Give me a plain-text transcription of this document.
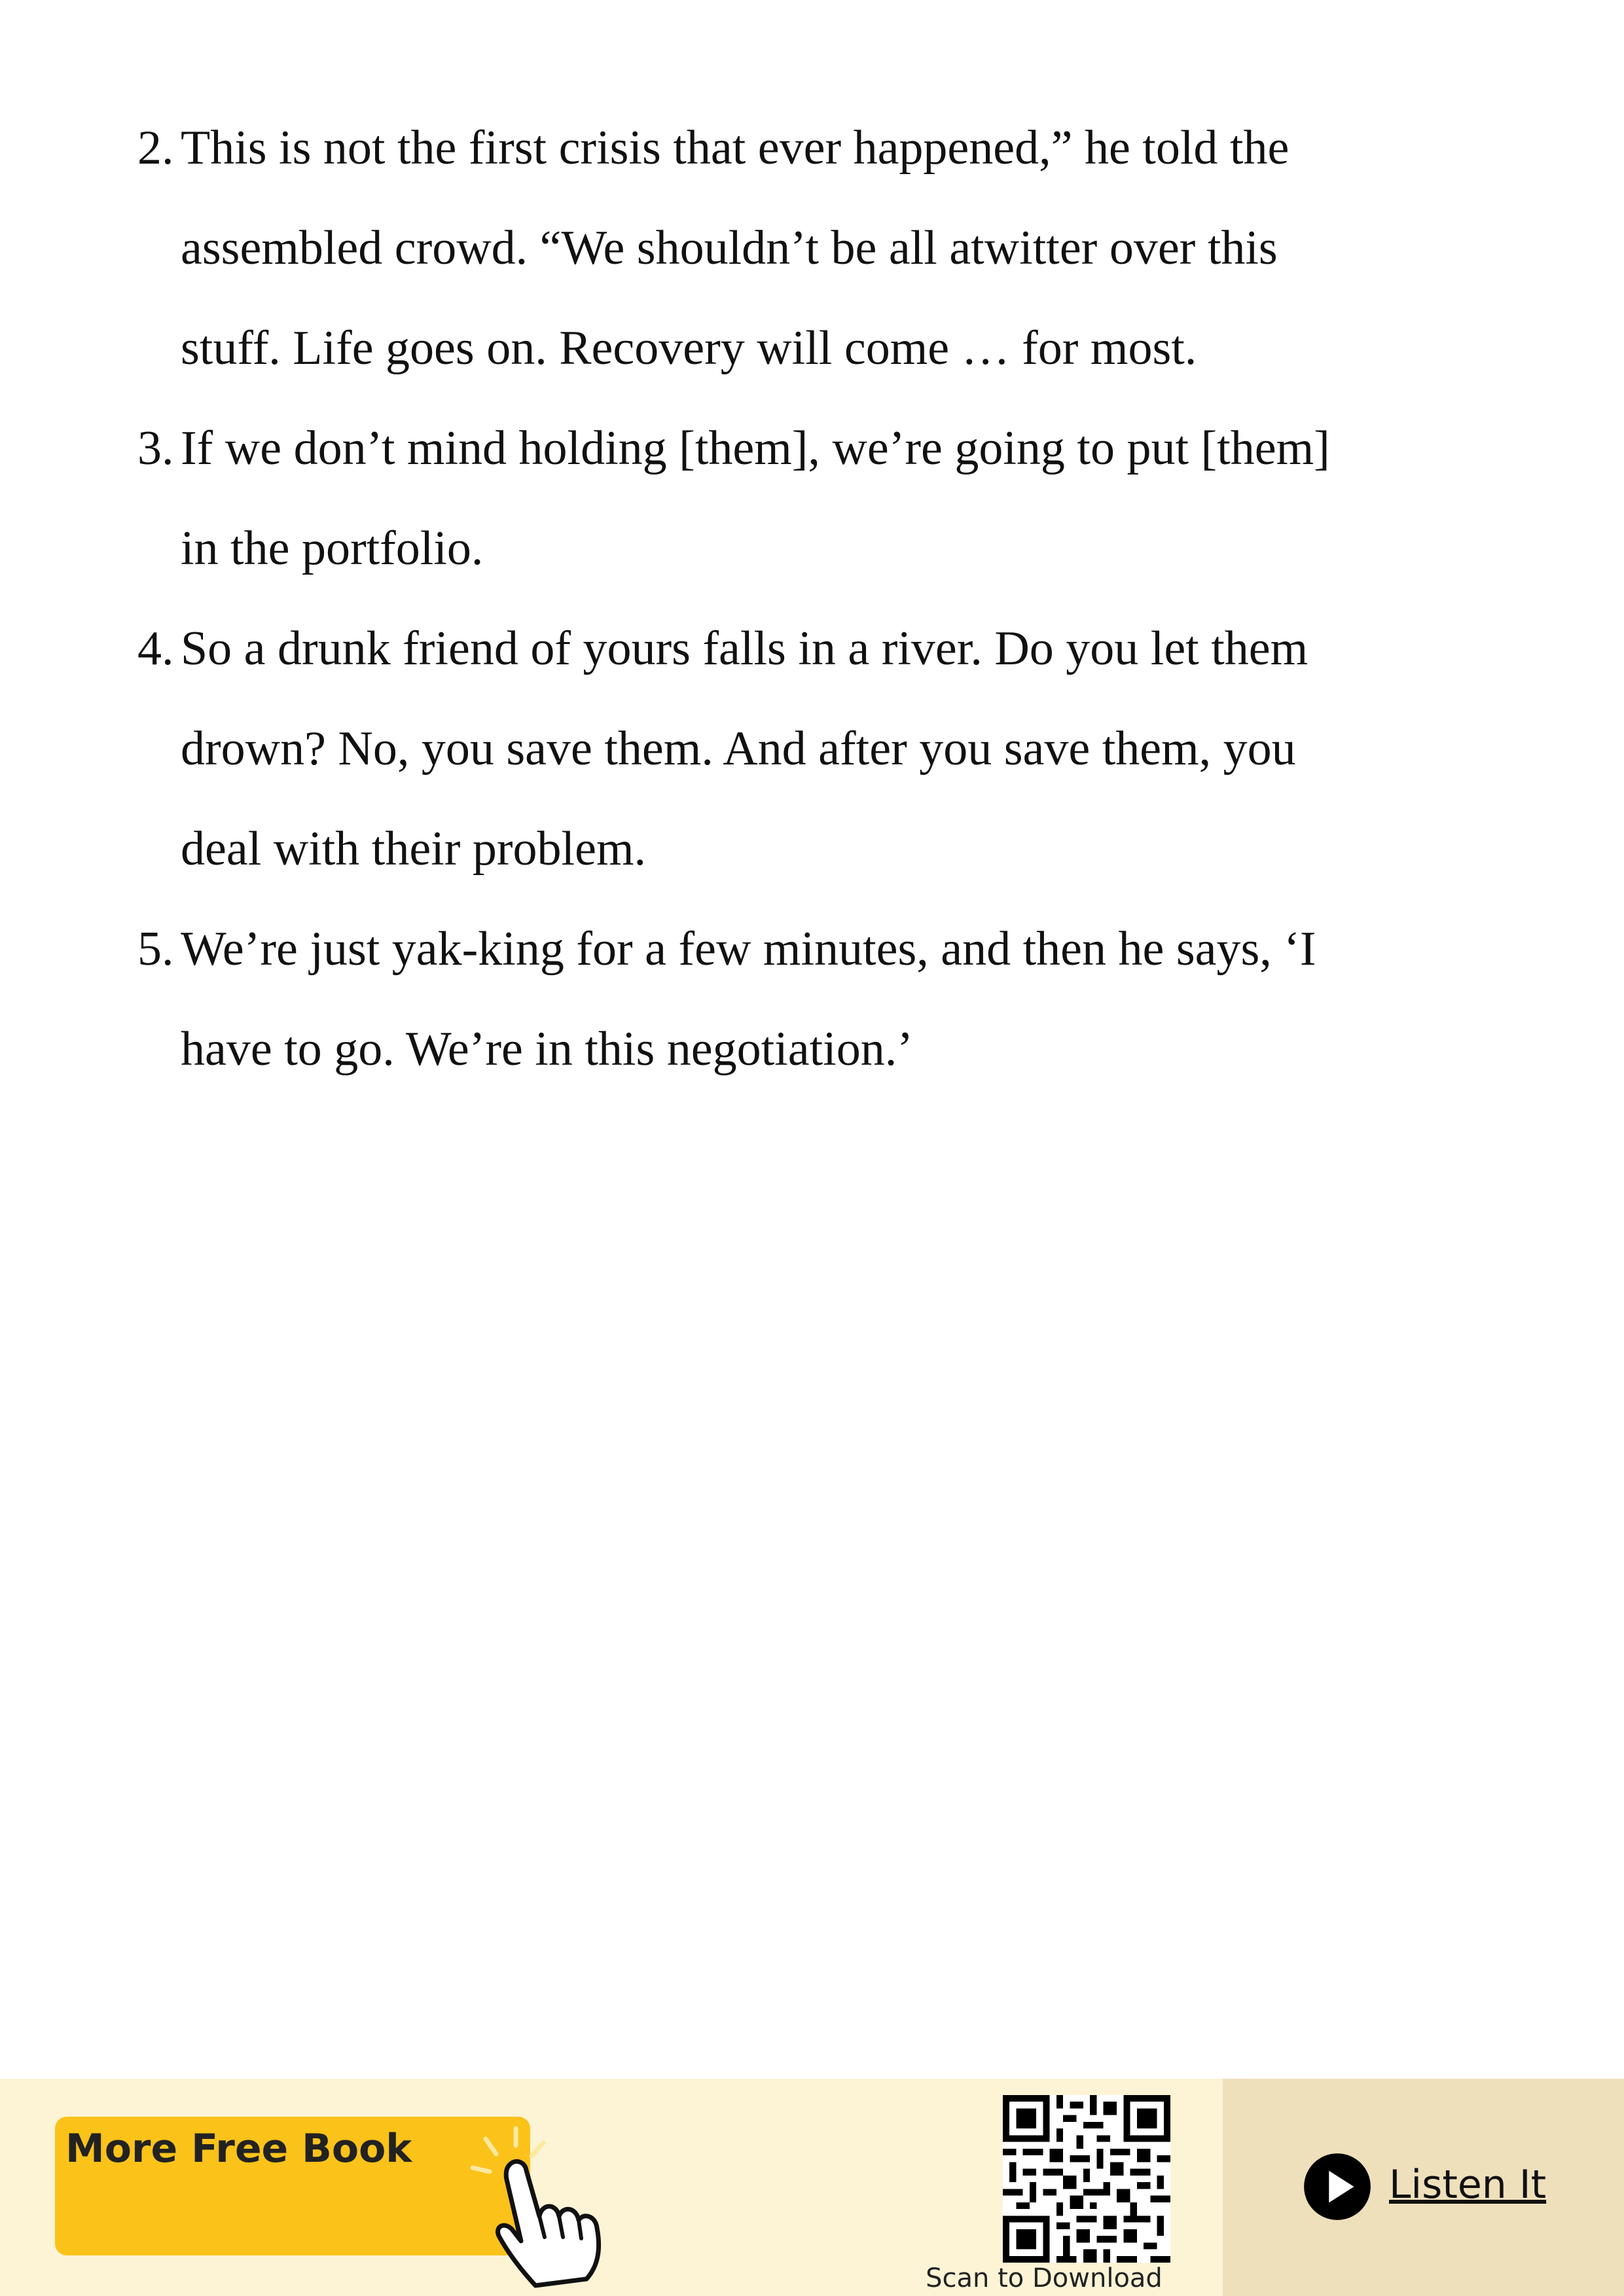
2. This is not the first crisis that ever happened,” he told the
assembled crowd. “We shouldn’t be all atwitter over this
stuff. Life goes on. Recovery will come … for most.
3. If we don’t mind holding [them], we’re going to put [them]
in the portfolio.
4. So a drunk friend of yours falls in a river. Do you let them
drown? No, you save them. And after you save them, you
deal with their problem.
5. We’re just yak-king for a few minutes, and then he says, ‘I
have to go. We’re in this negotiation.’
More Free Book
Scan to Download
Listen It
